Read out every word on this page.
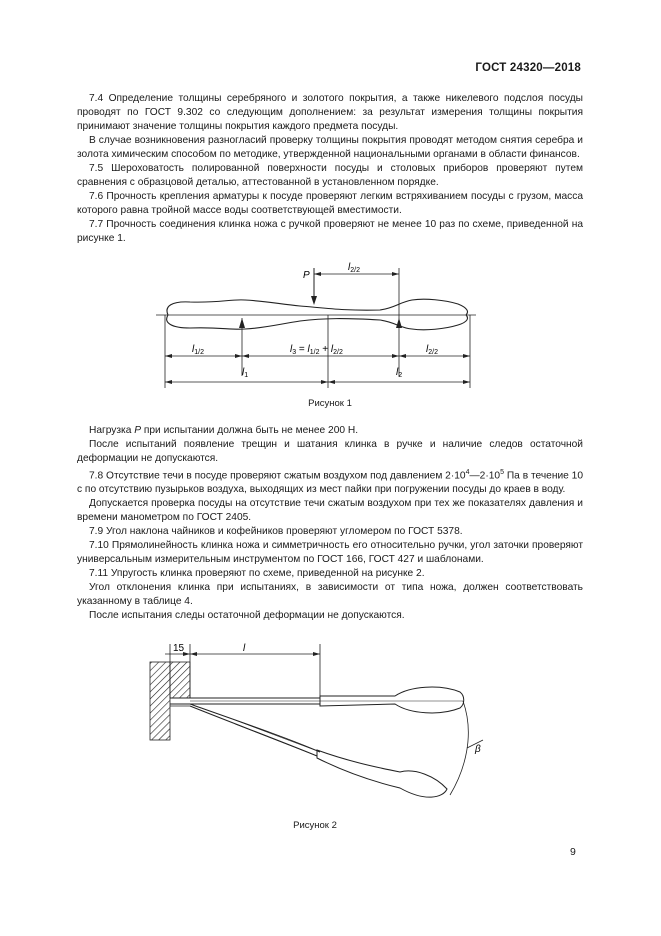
ГОСТ 24320—2018

7.4 Определение толщины серебряного и золотого покрытия, а также никелевого подслоя посуды проводят по ГОСТ 9.302 со следующим дополнением: за результат измерения толщины покрытия принимают значение толщины покрытия каждого предмета посуды.

В случае возникновения разногласий проверку толщины покрытия проводят методом снятия серебра и золота химическим способом по методике, утвержденной национальными органами в области финансов.

7.5 Шероховатость полированной поверхности посуды и столовых приборов проверяют путем сравнения с образцовой деталью, аттестованной в установленном порядке.

7.6 Прочность крепления арматуры к посуде проверяют легким встряхиванием посуды с грузом, масса которого равна тройной массе воды соответствующей вместимости.

7.7 Прочность соединения клинка ножа с ручкой проверяют не менее 10 раз по схеме, приведенной на рисунке 1.

P
$l_{2/2}$
$l_{1/2}$	$l_3 = l_{1/2} + l_{2/2}$	$l_{2/2}$
$l_1$	$l_2$
Рисунок 1

Нагрузка P при испытании должна быть не менее 200 Н.

После испытаний появление трещин и шатания клинка в ручке и наличие следов остаточной деформации не допускаются.

7.8 Отсутствие течи в посуде проверяют сжатым воздухом под давлением $2\cdot 10^4—2\cdot 10^5$ Па в течение 10 с по отсутствию пузырьков воздуха, выходящих из мест пайки при погружении посуды до краев в воду.

Допускается проверка посуды на отсутствие течи сжатым воздухом при тех же показателях давления и времени манометром по ГОСТ 2405.

7.9 Угол наклона чайников и кофейников проверяют угломером по ГОСТ 5378.

7.10 Прямолинейность клинка ножа и симметричность его относительно ручки, угол заточки проверяют универсальным измерительным инструментом по ГОСТ 166, ГОСТ 427 и шаблонами.

7.11 Упругость клинка проверяют по схеме, приведенной на рисунке 2.

Угол отклонения клинка при испытаниях, в зависимости от типа ножа, должен соответствовать указанному в таблице 4.

После испытания следы остаточной деформации не допускаются.

15	l
β
Рисунок 2
9
